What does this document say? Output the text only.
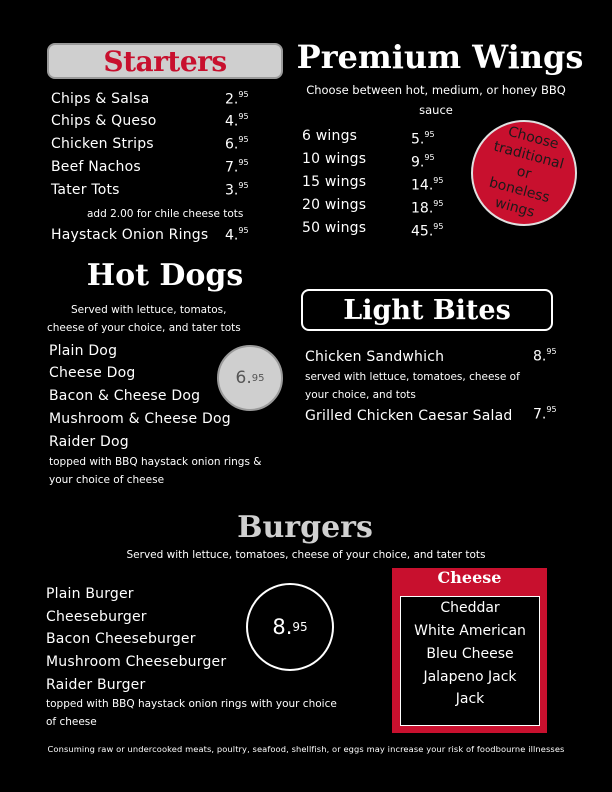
Starters
Chips & Salsa	2.95
Chips & Queso	4.95
Chicken Strips	6.95
Beef Nachos	7.95
Tater Tots	3.95
add 2.00 for chile cheese tots
Haystack Onion Rings 4.95
Premium Wings
Choose between hot, medium, or honey BBQ sauce
6 wings	5.95
10 wings	9.95
15 wings	14.95
20 wings	18.95
50 wings	45.95
Choose
traditional
or boneless
wings
Hot Dogs
Served with lettuce, tomatos,
cheese of your choice, and tater tots
Plain Dog
Cheese Dog
Bacon & Cheese Dog
Mushroom & Cheese Dog
Raider Dog
topped with BBQ haystack onion rings &
your choice of cheese
6. 95
Light Bites
Chicken Sandwhich	8.95
served with lettuce, tomatoes, cheese of
your choice, and tots
Grilled Chicken Caesar Salad 7.95
Burgers
Served with lettuce, tomatoes, cheese of your choice, and tater tots
Plain Burger
Cheeseburger
Bacon Cheeseburger
Mushroom Cheeseburger
Raider Burger
topped with BBQ haystack onion rings with your choice
of cheese
8. 95
Cheese
Cheddar
White American
Bleu Cheese
Jalapeno Jack
Jack
Consuming raw or undercooked meats, poultry, seafood, shellfish, or eggs may increase your risk of foodbourne illnesses
